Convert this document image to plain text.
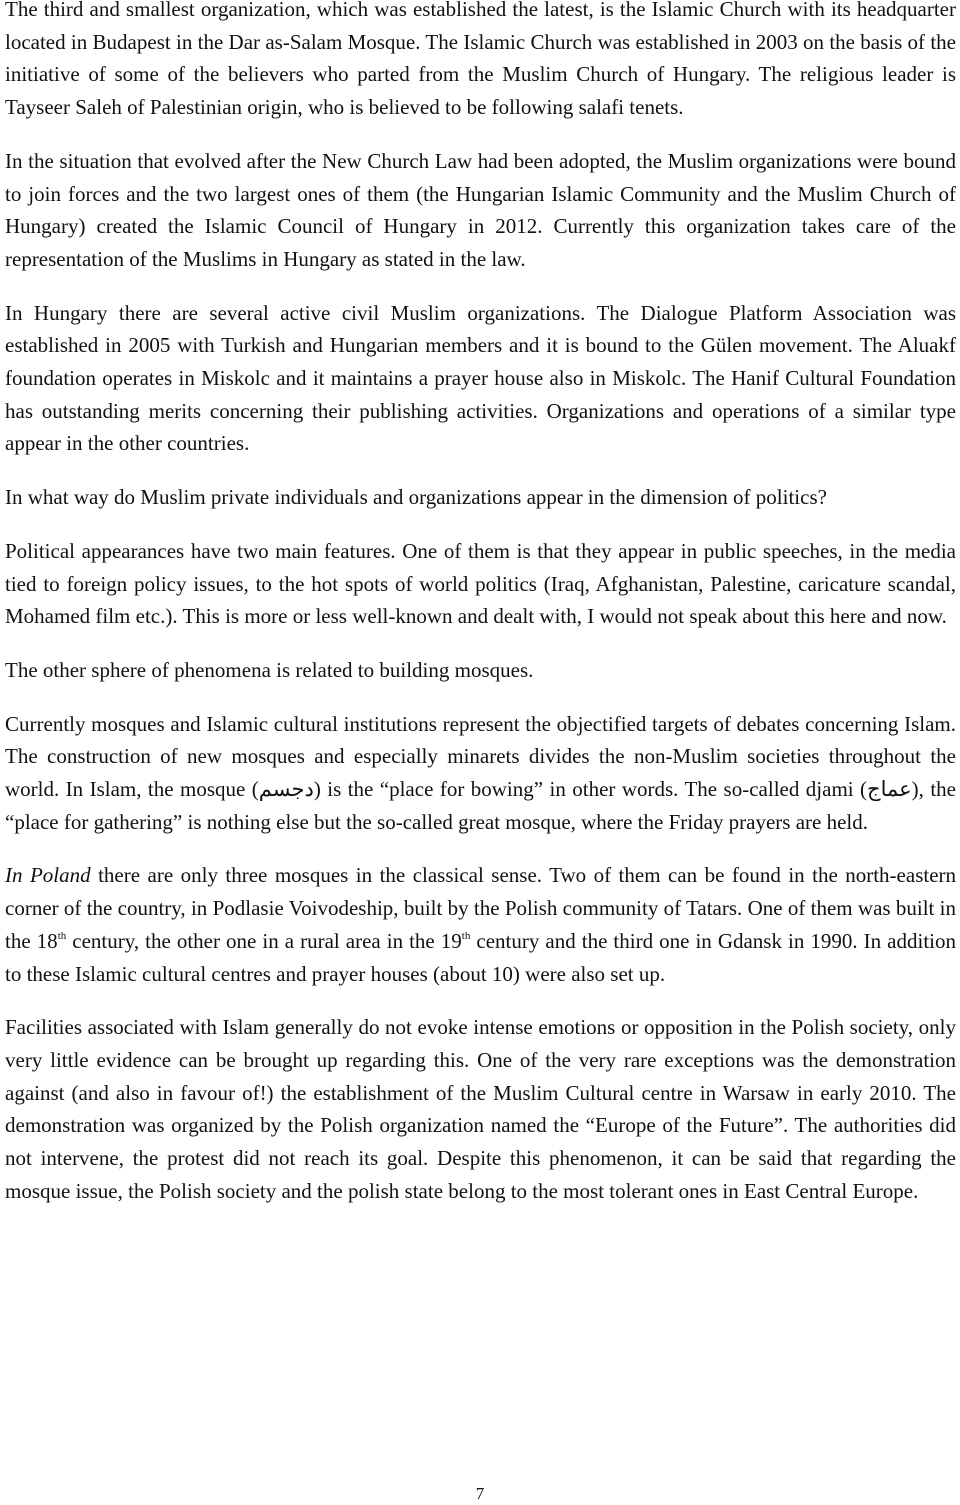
The third and smallest organization, which was established the latest, is the Islamic Church with its headquarter located in Budapest in the Dar as-Salam Mosque. The Islamic Church was established in 2003 on the basis of the initiative of some of the believers who parted from the Muslim Church of Hungary. The religious leader is Tayseer Saleh of Palestinian origin, who is believed to be following salafi tenets.

In the situation that evolved after the New Church Law had been adopted, the Muslim organizations were bound to join forces and the two largest ones of them (the Hungarian Islamic Community and the Muslim Church of Hungary) created the Islamic Council of Hungary in 2012. Currently this organization takes care of the representation of the Muslims in Hungary as stated in the law.

In Hungary there are several active civil Muslim organizations. The Dialogue Platform Association was established in 2005 with Turkish and Hungarian members and it is bound to the Gülen movement. The Aluakf foundation operates in Miskolc and it maintains a prayer house also in Miskolc. The Hanif Cultural Foundation has outstanding merits concerning their publishing activities. Organizations and operations of a similar type appear in the other countries.

In what way do Muslim private individuals and organizations appear in the dimension of politics?

Political appearances have two main features. One of them is that they appear in public speeches, in the media tied to foreign policy issues, to the hot spots of world politics (Iraq, Afghanistan, Palestine, caricature scandal, Mohamed film etc.). This is more or less well-known and dealt with, I would not speak about this here and now.

The other sphere of phenomena is related to building mosques.

Currently mosques and Islamic cultural institutions represent the objectified targets of debates concerning Islam. The construction of new mosques and especially minarets divides the non-Muslim societies throughout the world. In Islam, the mosque (دجسم) is the “place for bowing” in other words. The so-called djami (عماج), the “place for gathering” is nothing else but the so-called great mosque, where the Friday prayers are held.

In Poland there are only three mosques in the classical sense. Two of them can be found in the north-eastern corner of the country, in Podlasie Voivodeship, built by the Polish community of Tatars. One of them was built in the 18th century, the other one in a rural area in the 19th century and the third one in Gdansk in 1990. In addition to these Islamic cultural centres and prayer houses (about 10) were also set up.

Facilities associated with Islam generally do not evoke intense emotions or opposition in the Polish society, only very little evidence can be brought up regarding this. One of the very rare exceptions was the demonstration against (and also in favour of!) the establishment of the Muslim Cultural centre in Warsaw in early 2010. The demonstration was organized by the Polish organization named the “Europe of the Future”. The authorities did not intervene, the protest did not reach its goal. Despite this phenomenon, it can be said that regarding the mosque issue, the Polish society and the polish state belong to the most tolerant ones in East Central Europe.

7
